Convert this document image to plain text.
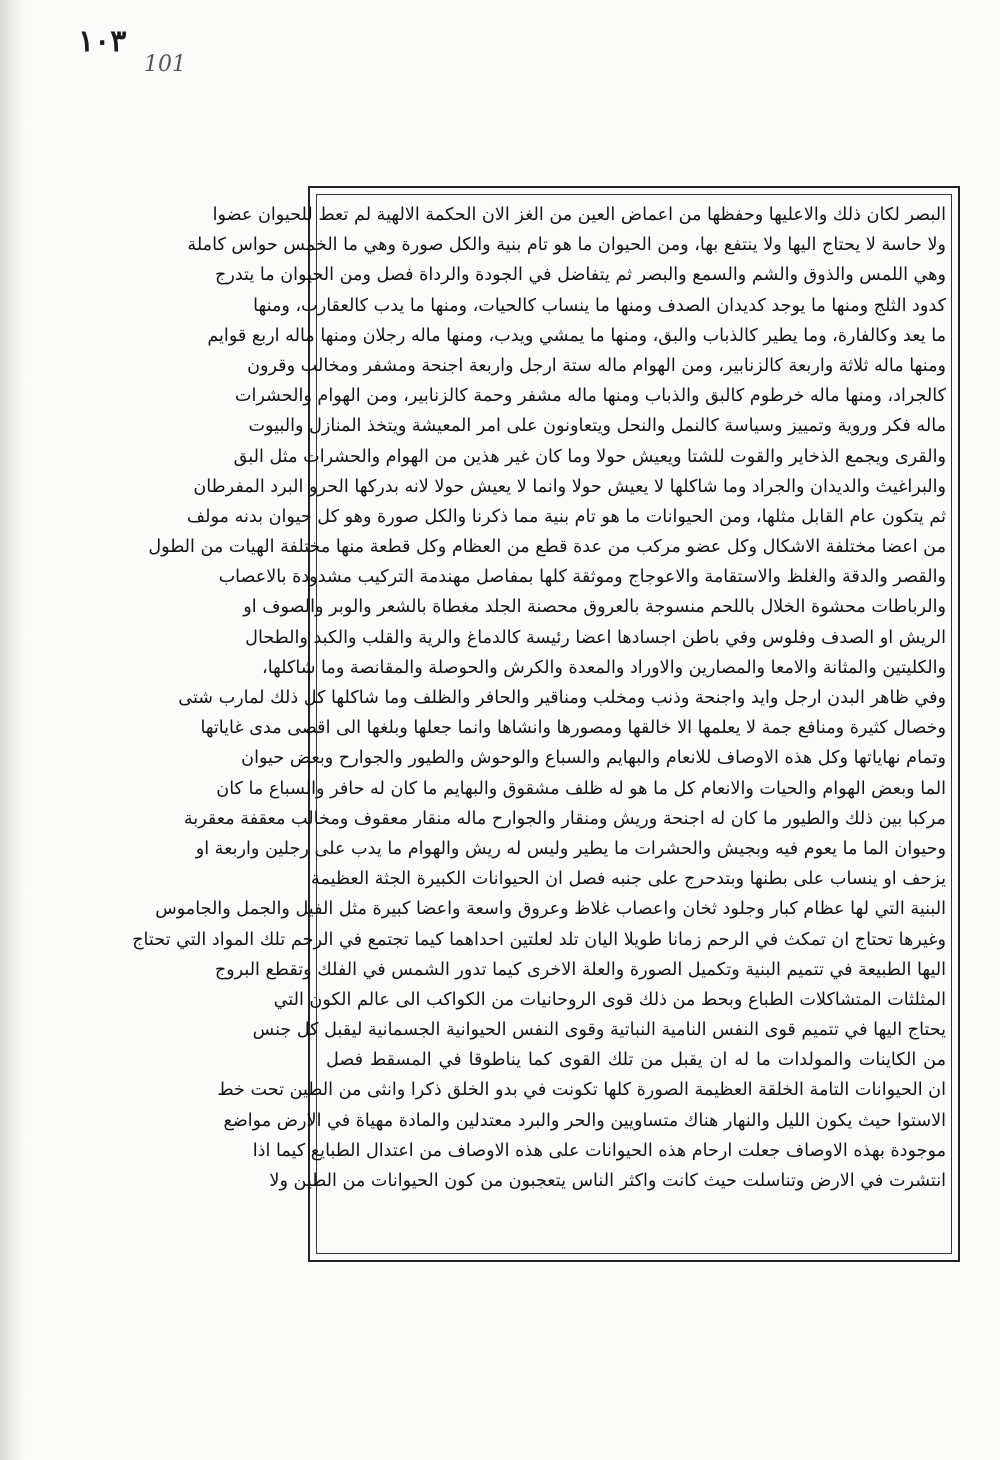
١٠٣
101
البصر لكان ذلك والاعليها وحفظها من اعماض العين من الغز الان الحكمة الالهية لم تعط للحيوان عضوا
ولا حاسة لا يحتاج اليها ولا ينتفع بها، ومن الحيوان ما هو تام بنية والكل صورة وهي ما الخمس حواس كاملة
وهي اللمس والذوق والشم والسمع والبصر ثم يتفاضل في الجودة والرداة فصل ومن الحيوان ما يتدرج
كدود الثلج ومنها ما يوجد كديدان الصدف ومنها ما ينساب كالحيات، ومنها ما يدب كالعقارب، ومنها
ما يعد وكالفارة، وما يطير كالذباب والبق، ومنها ما يمشي ويدب، ومنها ماله رجلان ومنها ماله اربع قوايم
ومنها ماله ثلاثة واربعة كالزنابير، ومن الهوام ماله ستة ارجل واربعة اجنحة ومشفر ومخالب وقرون
كالجراد، ومنها ماله خرطوم كالبق والذباب ومنها ماله مشفر وحمة كالزنابير، ومن الهوام والحشرات
ماله فكر وروية وتمييز وسياسة كالنمل والنحل ويتعاونون على امر المعيشة ويتخذ المنازل والبيوت
والقرى ويجمع الذخاير والقوت للشتا ويعيش حولا وما كان غير هذين من الهوام والحشرات مثل البق
والبراغيث والديدان والجراد وما شاكلها لا يعيش حولا وانما لا يعيش حولا لانه بدركها الحرو البرد المفرطان
ثم يتكون عام القابل مثلها، ومن الحيوانات ما هو تام بنية مما ذكرنا والكل صورة وهو كل حيوان بدنه مولف
من اعضا مختلفة الاشكال وكل عضو مركب من عدة قطع من العظام وكل قطعة منها مختلفة الهيات من الطول
والقصر والدقة والغلظ والاستقامة والاعوجاج وموثقة كلها بمفاصل مهندمة التركيب مشدودة بالاعصاب
والرباطات محشوة الخلال باللحم منسوجة بالعروق محصنة الجلد مغطاة بالشعر والوبر والصوف او
الريش او الصدف وفلوس وفي باطن اجسادها اعضا رئيسة كالدماغ والرية والقلب والكبد والطحال
والكليتين والمثانة والامعا والمصارين والاوراد والمعدة والكرش والحوصلة والمقانصة وما شاكلها،
وفي ظاهر البدن ارجل وايد واجنحة وذنب ومخلب ومناقير والحافر والظلف وما شاكلها كل ذلك لمارب شتى
وخصال كثيرة ومنافع جمة لا يعلمها الا خالقها ومصورها وانشاها وانما جعلها وبلغها الى اقصى مدى غاياتها
وتمام نهاياتها وكل هذه الاوصاف للانعام والبهايم والسباع والوحوش والطيور والجوارح وبعض حيوان
الما وبعض الهوام والحيات والانعام كل ما هو له ظلف مشقوق والبهايم ما كان له حافر والسباع ما كان
مركبا بين ذلك والطيور ما كان له اجنحة وريش ومنقار والجوارح ماله منقار معقوف ومخالب معقفة معقربة
وحيوان الما ما يعوم فيه وبجيش والحشرات ما يطير وليس له ريش والهوام ما يدب على رجلين واربعة او
يزحف او ينساب على بطنها وبتدحرج على جنبه فصل ان الحيوانات الكبيرة الجثة العظيمة
البنية التي لها عظام كبار وجلود ثخان واعصاب غلاظ وعروق واسعة واعضا كبيرة مثل الفيل والجمل والجاموس
وغيرها تحتاج ان تمكث في الرحم زمانا طويلا اليان تلد لعلتين احداهما كيما تجتمع في الرحم تلك المواد التي تحتاج
اليها الطبيعة في تتميم البنية وتكميل الصورة والعلة الاخرى كيما تدور الشمس في الفلك وتقطع البروج
المثلثات المتشاكلات الطباع وبحط من ذلك قوى الروحانيات من الكواكب الى عالم الكون التي
يحتاج اليها في تتميم قوى النفس النامية النباتية وقوى النفس الحيوانية الجسمانية ليقبل كل جنس
من الكاينات والمولدات ما له ان يقبل من تلك القوى كما يناطوقا في المسقط فصل
ان الحيوانات التامة الخلقة العظيمة الصورة كلها تكونت في بدو الخلق ذكرا وانثى من الطين تحت خط
الاستوا حيث يكون الليل والنهار هناك متساويين والحر والبرد معتدلين والمادة مهياة في الارض مواضع
موجودة بهذه الاوصاف جعلت ارحام هذه الحيوانات على هذه الاوصاف من اعتدال الطبايع كيما اذا
انتشرت في الارض وتناسلت حيث كانت واكثر الناس يتعجبون من كون الحيوانات من الطين ولا
